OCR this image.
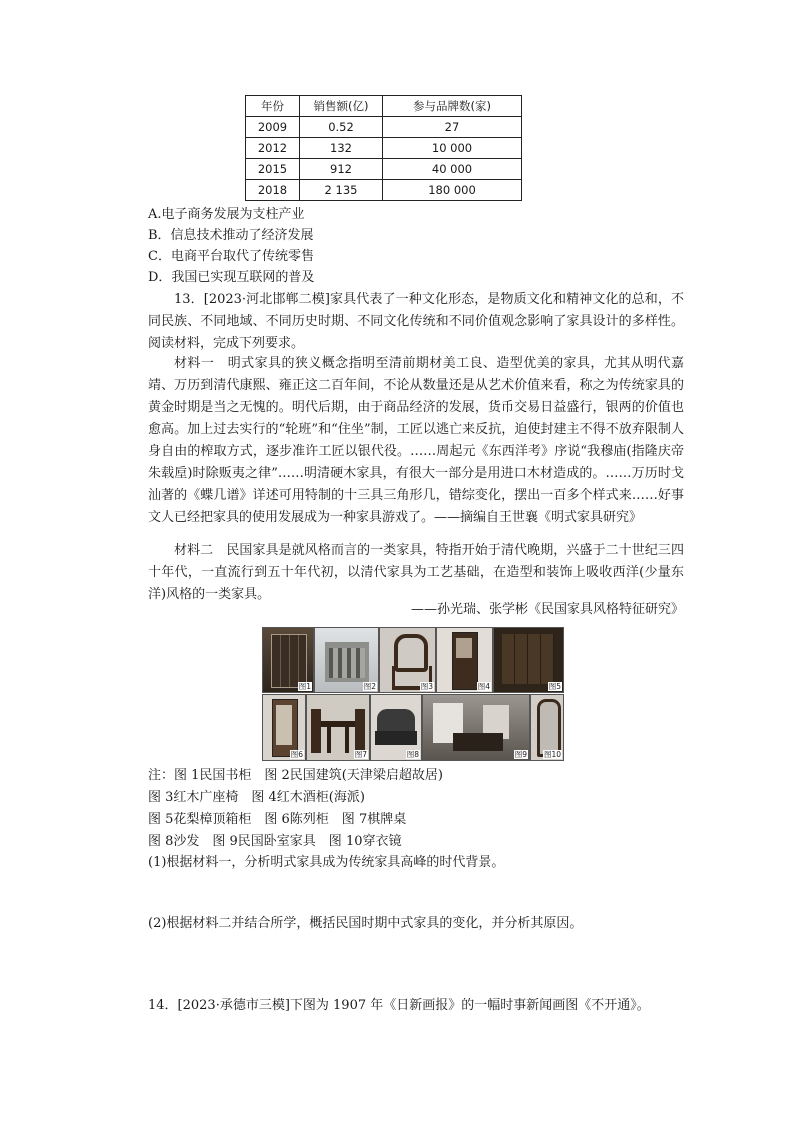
年份	销售额(亿)	参与品牌数(家)
2009	0.52	27
2012	132	10 000
2015	912	40 000
2018	2 135	180 000
A.电子商务发展为支柱产业
B．信息技术推动了经济发展
C．电商平台取代了传统零售
D．我国已实现互联网的普及
13．[2023·河北邯郸二模]家具代表了一种文化形态，是物质文化和精神文化的总和，不同民族、不同地域、不同历史时期、不同文化传统和不同价值观念影响了家具设计的多样性。阅读材料，完成下列要求。
材料一　明式家具的狭义概念指明至清前期材美工良、造型优美的家具，尤其从明代嘉靖、万历到清代康熙、雍正这二百年间，不论从数量还是从艺术价值来看，称之为传统家具的黄金时期是当之无愧的。明代后期，由于商品经济的发展，货币交易日益盛行，银两的价值也愈高。加上过去实行的“轮班”和“住坐”制，工匠以逃亡来反抗，迫使封建主不得不放弃限制人身自由的榨取方式，逐步准许工匠以银代役。……周起元《东西洋考》序说“我穆庙(指隆庆帝朱载垕)时除贩夷之律”……明清硬木家具，有很大一部分是用进口木材造成的。……万历时戈汕著的《蝶几谱》详述可用特制的十三具三角形几，错综变化，摆出一百多个样式来……好事文人已经把家具的使用发展成为一种家具游戏了。——摘编自王世襄《明式家具研究》
材料二　民国家具是就风格而言的一类家具，特指开始于清代晚期，兴盛于二十世纪三四十年代，一直流行到五十年代初，以清代家具为工艺基础，在造型和装饰上吸收西洋(少量东洋)风格的一类家具。
——孙光瑞、张学彬《民国家具风格特征研究》
图1	图2	图3	图4	图5
图6	图7	图8	图9 图10
注：图 1民国书柜　图 2民国建筑(天津梁启超故居)
图 3红木广座椅　图 4红木酒柜(海派)
图 5花梨樟顶箱柜　图 6陈列柜　图 7棋牌桌
图 8沙发　图 9民国卧室家具　图 10穿衣镜
(1)根据材料一，分析明式家具成为传统家具高峰的时代背景。
(2)根据材料二并结合所学，概括民国时期中式家具的变化，并分析其原因。
14．[2023·承德市三模]下图为 1907 年《日新画报》的一幅时事新闻画图《不开通》。
